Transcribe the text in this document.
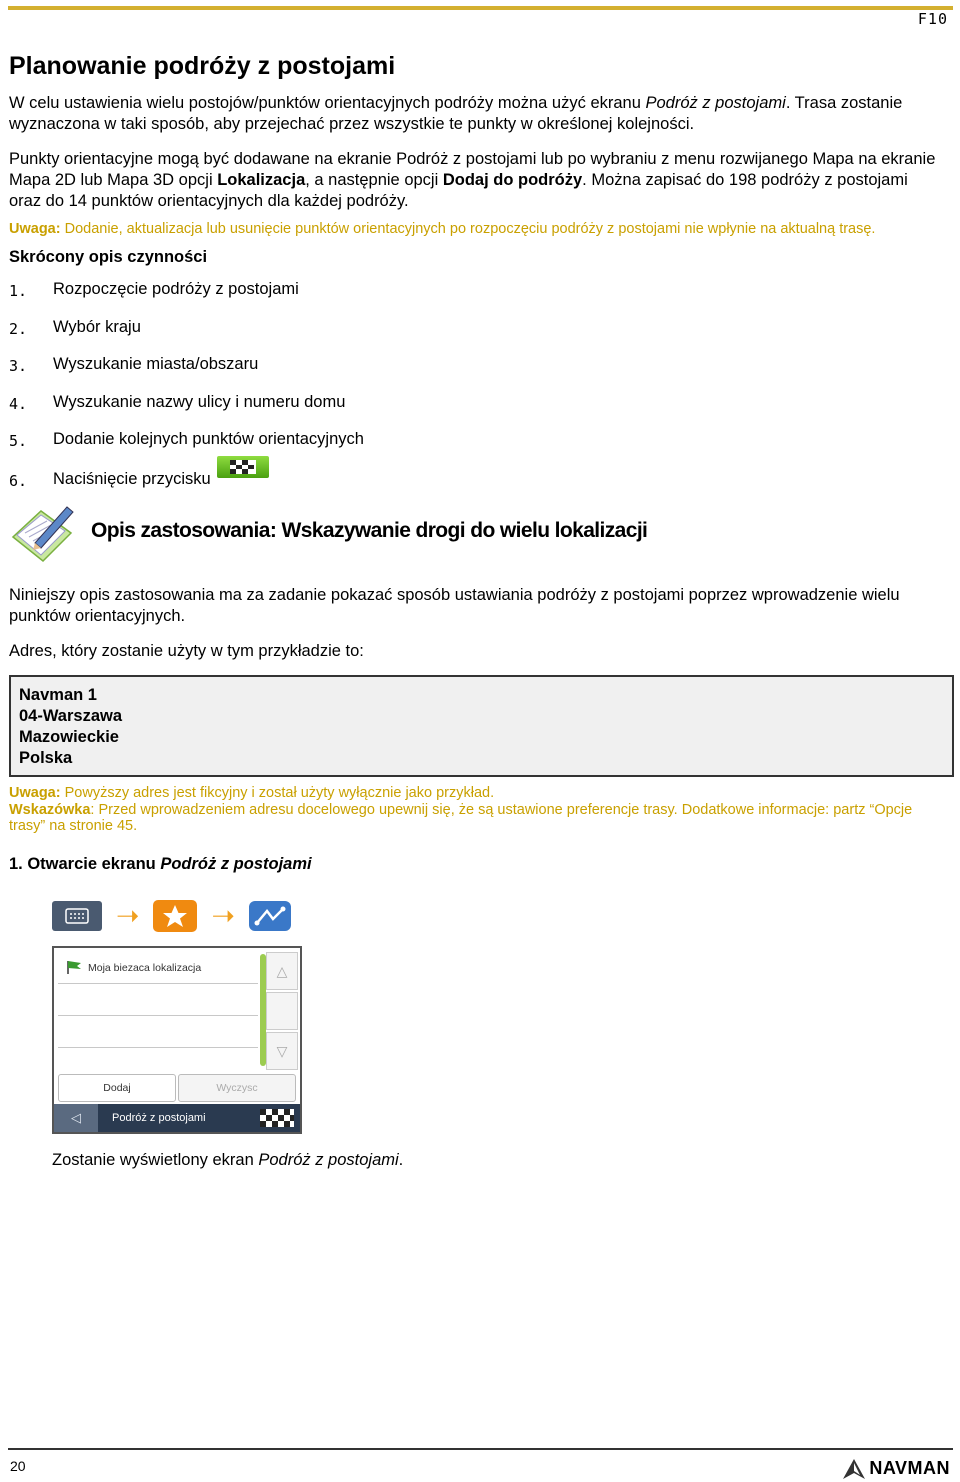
F10
Planowanie podróży z postojami

W celu ustawienia wielu postojów/punktów orientacyjnych podróży można użyć ekranu Podróż z postojami. Trasa zostanie wyznaczona w taki sposób, aby przejechać przez wszystkie te punkty w określonej kolejności.

Punkty orientacyjne mogą być dodawane na ekranie Podróż z postojami lub po wybraniu z menu rozwijanego Mapa na ekranie Mapa 2D lub Mapa 3D opcji Lokalizacja, a następnie opcji Dodaj do podróży. Można zapisać do 198 podróży z postojami oraz do 14 punktów orientacyjnych dla każdej podróży.

Uwaga: Dodanie, aktualizacja lub usunięcie punktów orientacyjnych po rozpoczęciu podróży z postojami nie wpłynie na aktualną trasę.

Skrócony opis czynności
1.	Rozpoczęcie podróży z postojami
2.	Wybór kraju
3.	Wyszukanie miasta/obszaru
4.	Wyszukanie nazwy ulicy i numeru domu
5.	Dodanie kolejnych punktów orientacyjnych
6.	Naciśnięcie przycisku
Opis zastosowania: Wskazywanie drogi do wielu lokalizacji

Niniejszy opis zastosowania ma za zadanie pokazać sposób ustawiania podróży z postojami poprzez wprowadzenie wielu punktów orientacyjnych.

Adres, który zostanie użyty w tym przykładzie to:

Navman 1
04-Warszawa
Mazowieckie
Polska

Uwaga: Powyższy adres jest fikcyjny i został użyty wyłącznie jako przykład.

Wskazówka: Przed wprowadzeniem adresu docelowego upewnij się, że są ustawione preferencje trasy. Dodatkowe informacje: partz “Opcje trasy” na stronie 45.

1. Otwarcie ekranu Podróż z postojami
➝	➝
Moja biezaca lokalizacja	△
▽
Dodaj	Wyczysc
◁	Podróż z postojami

Zostanie wyświetlony ekran Podróż z postojami.

20	NAVMAN
